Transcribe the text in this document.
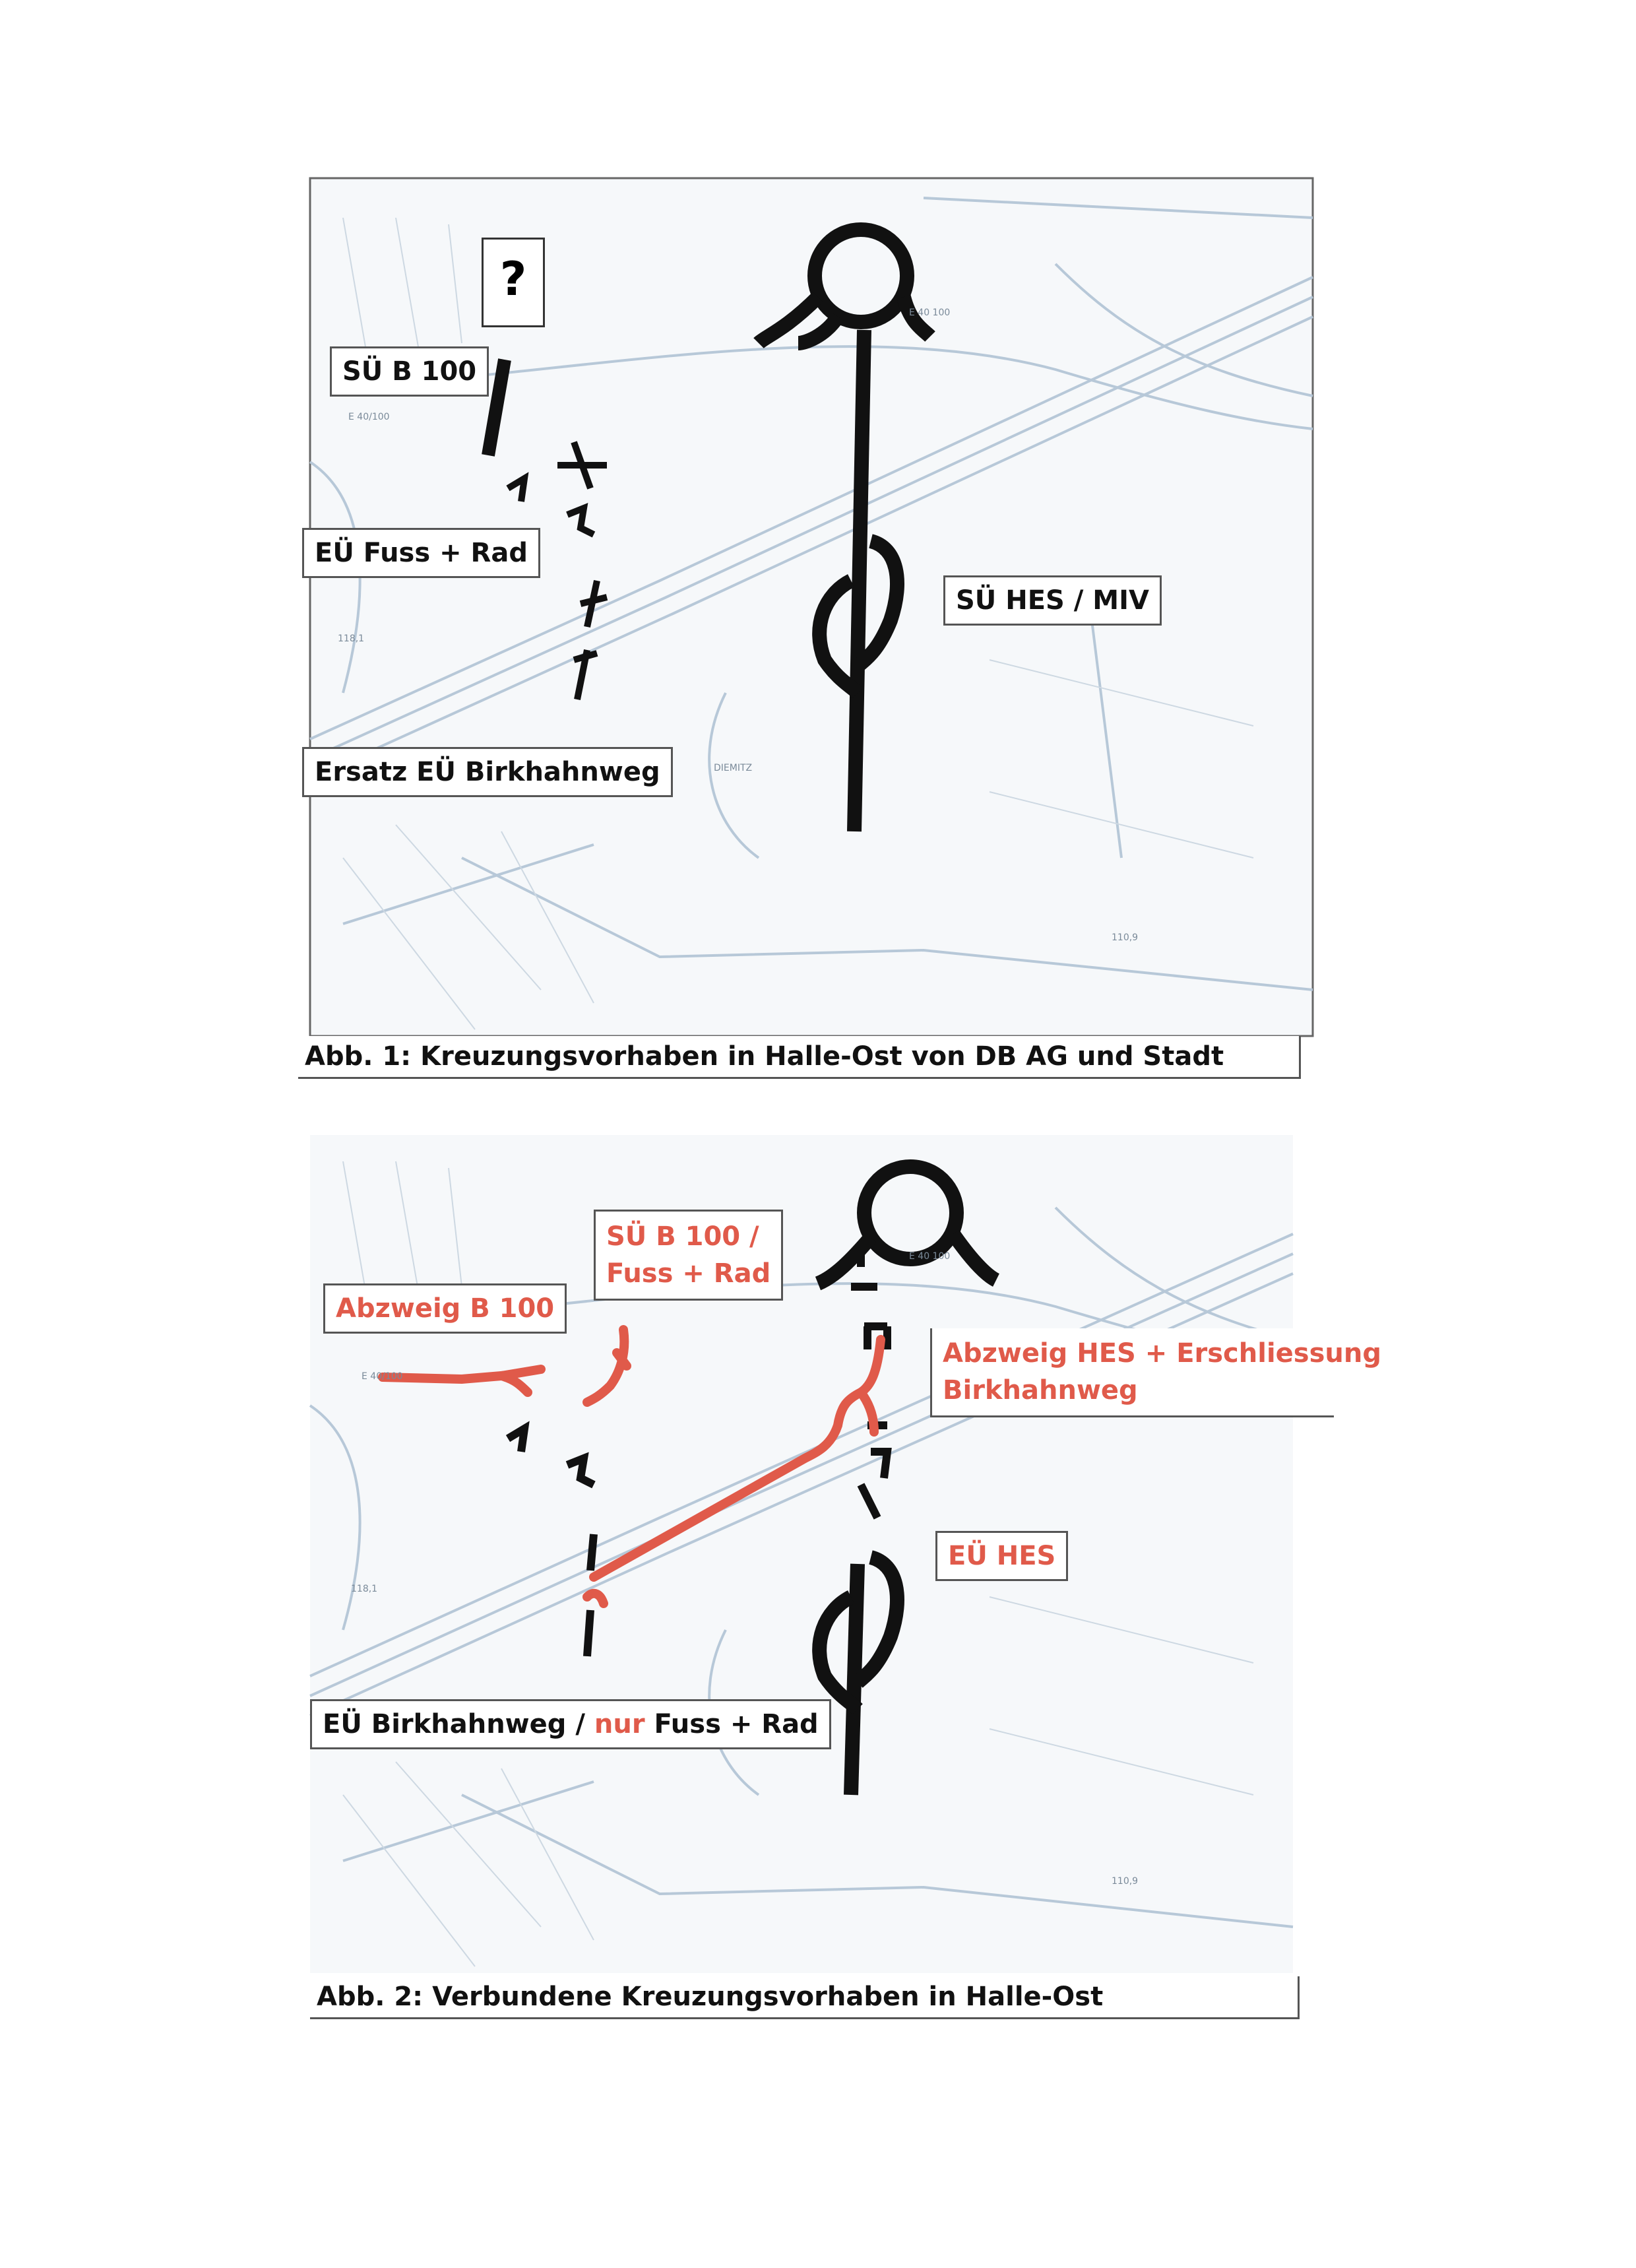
E 40 100
E 40/100
DIEMITZ
118,1
110,9
E 40 100
E 40/100
118,1
110,9
?
SÜ B 100
EÜ Fuss + Rad
SÜ HES / MIV
Ersatz EÜ Birkhahnweg
Abb. 1: Kreuzungsvorhaben in Halle-Ost von DB AG und Stadt
SÜ B 100 /
Fuss + Rad
Abzweig B 100
Abzweig HES + Erschliessung
Birkhahnweg
EÜ HES
EÜ Birkhahnweg / nur Fuss + Rad
Abb. 2: Verbundene Kreuzungsvorhaben in Halle-Ost
